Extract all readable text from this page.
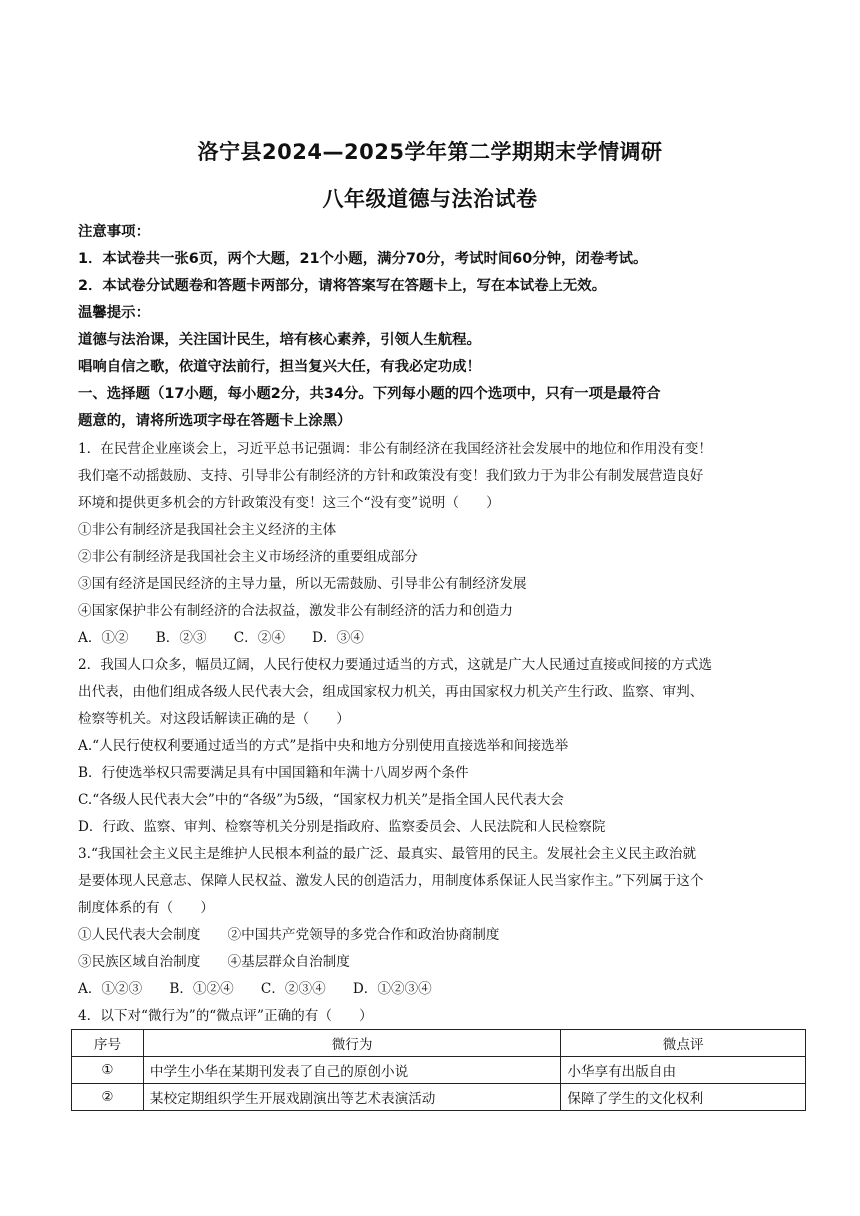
洛宁县2024—2025学年第二学期期末学情调研
八年级道德与法治试卷
注意事项：
1．本试卷共一张6页，两个大题，21个小题，满分70分，考试时间60分钟，闭卷考试。
2．本试卷分试题卷和答题卡两部分，请将答案写在答题卡上，写在本试卷上无效。
温馨提示：
道德与法治课，关注国计民生，培有核心素养，引领人生航程。
唱响自信之歌，依道守法前行，担当复兴大任，有我必定功成！
一、选择题（17小题，每小题2分，共34分。下列每小题的四个选项中，只有一项是最符合
题意的，请将所选项字母在答题卡上涂黑）
1．在民营企业座谈会上，习近平总书记强调：非公有制经济在我国经济社会发展中的地位和作用没有变！
我们毫不动摇鼓励、支持、引导非公有制经济的方针和政策没有变！我们致力于为非公有制发展营造良好
环境和提供更多机会的方针政策没有变！这三个“没有变”说明（　　）
①非公有制经济是我国社会主义经济的主体
②非公有制经济是我国社会主义市场经济的重要组成部分
③国有经济是国民经济的主导力量，所以无需鼓励、引导非公有制经济发展
④国家保护非公有制经济的合法叔益，激发非公有制经济的活力和创造力
A．①②　　B．②③　　C．②④　　D．③④
2．我国人口众多，幅员辽阔，人民行使权力要通过适当的方式，这就是广大人民通过直接或间接的方式选
出代表，由他们组成各级人民代表大会，组成国家权力机关，再由国家权力机关产生行政、监察、审判、
检察等机关。对这段话解读正确的是（　　）
A.“人民行使权利要通过适当的方式”是指中央和地方分别使用直接选举和间接选举
B．行使选举权只需要满足具有中国国籍和年满十八周岁两个条件
C.“各级人民代表大会”中的“各级”为5级，“国家权力机关”是指全国人民代表大会
D．行政、监察、审判、检察等机关分别是指政府、监察委员会、人民法院和人民检察院
3.“我国社会主义民主是维护人民根本利益的最广泛、最真实、最管用的民主。发展社会主义民主政治就
是要体现人民意志、保障人民权益、激发人民的创造活力，用制度体系保证人民当家作主。”下列属于这个
制度体系的有（　　）
①人民代表大会制度　　②中国共产党领导的多党合作和政治协商制度
③民族区域自治制度　　④基层群众自治制度
A．①②③　　B．①②④　　C．②③④　　D．①②③④
4．以下对“微行为”的“微点评”正确的有（　　）
序号	微行为	微点评
①	中学生小华在某期刊发表了自己的原创小说	小华享有出版自由
②	某校定期组织学生开展戏剧演出等艺术表演活动	保障了学生的文化权利
